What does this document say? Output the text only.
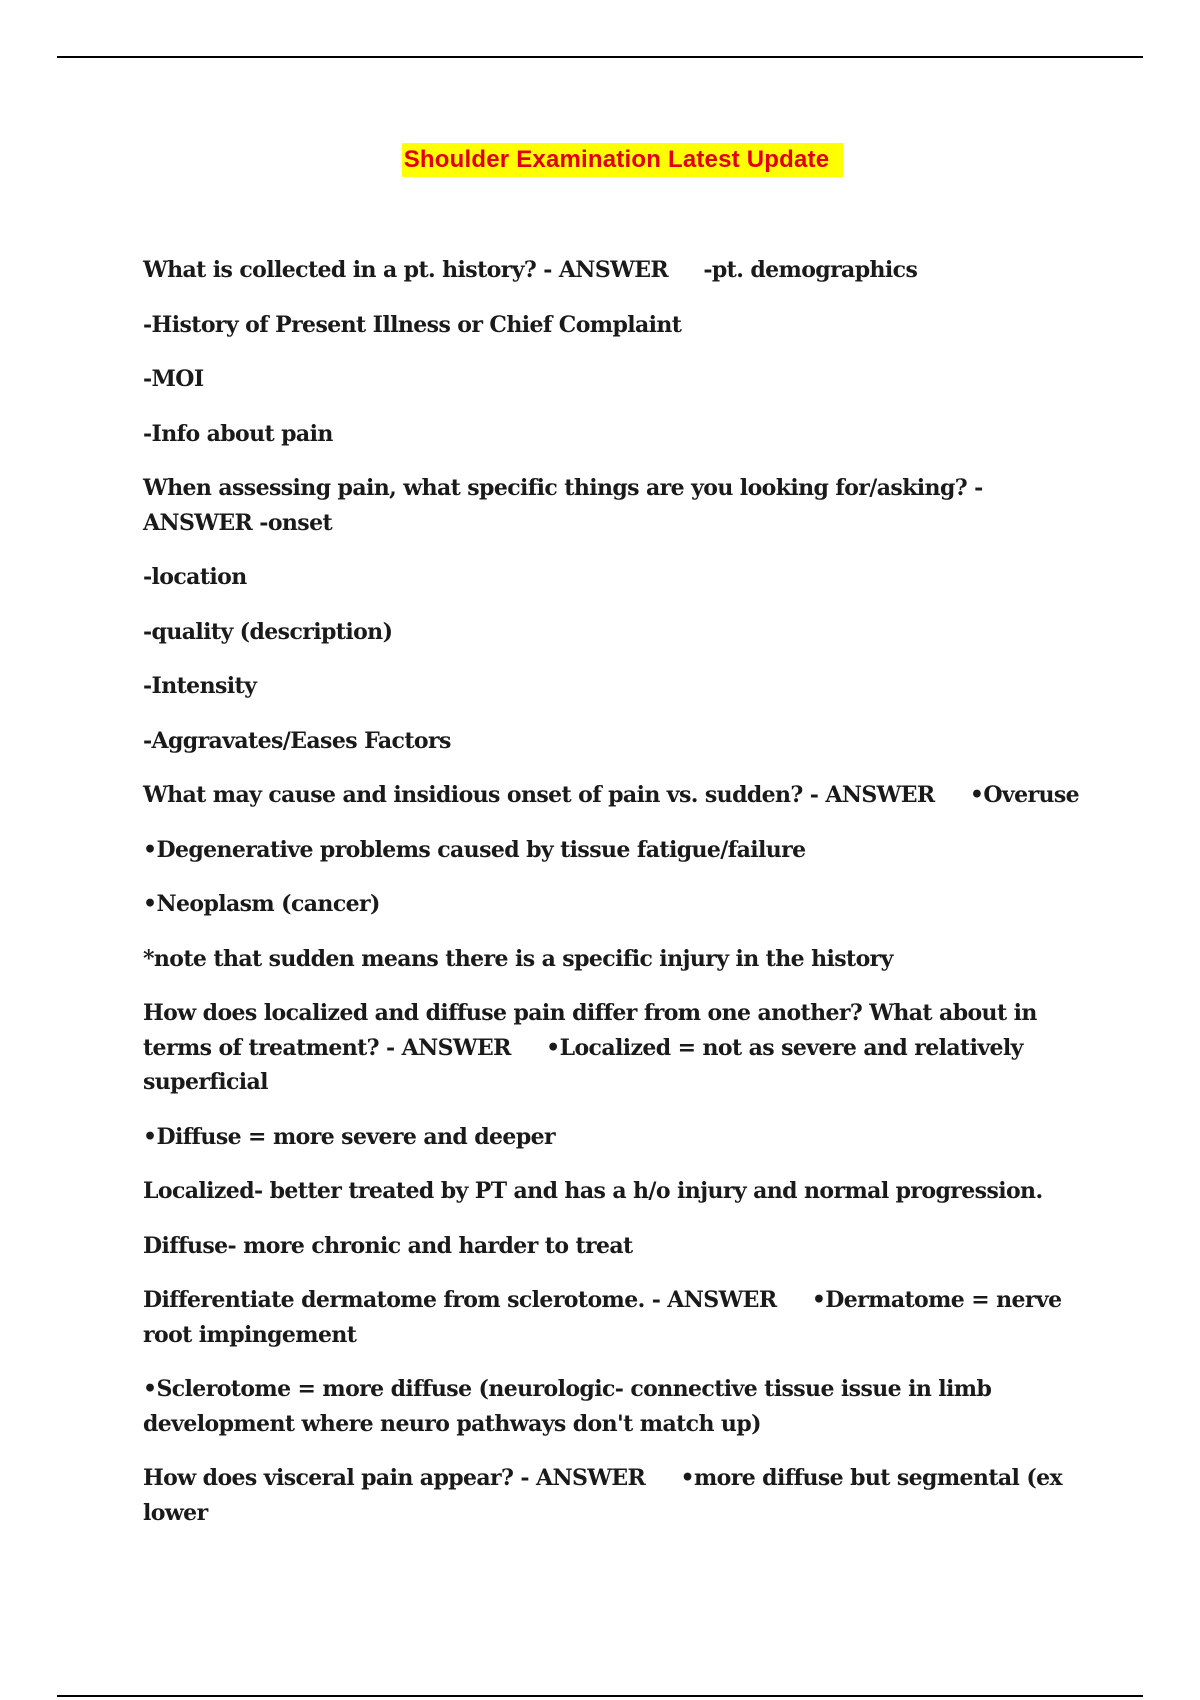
Shoulder Examination Latest Update

What is collected in a pt. history? - ANSWER     -pt. demographics

-History of Present Illness or Chief Complaint

-MOI

-Info about pain

When assessing pain, what specific things are you looking for/asking? - ANSWER -onset

-location

-quality (description)

-Intensity

-Aggravates/Eases Factors

What may cause and insidious onset of pain vs. sudden? - ANSWER     •Overuse

•Degenerative problems caused by tissue fatigue/failure

•Neoplasm (cancer)

*note that sudden means there is a specific injury in the history

How does localized and diffuse pain differ from one another? What about in terms of treatment? - ANSWER     •Localized = not as severe and relatively superficial

•Diffuse = more severe and deeper

Localized- better treated by PT and has a h/o injury and normal progression.

Diffuse- more chronic and harder to treat

Differentiate dermatome from sclerotome. - ANSWER     •Dermatome = nerve root impingement

•Sclerotome = more diffuse (neurologic- connective tissue issue in limb development where neuro pathways don't match up)

How does visceral pain appear? - ANSWER     •more diffuse but segmental (ex lower
